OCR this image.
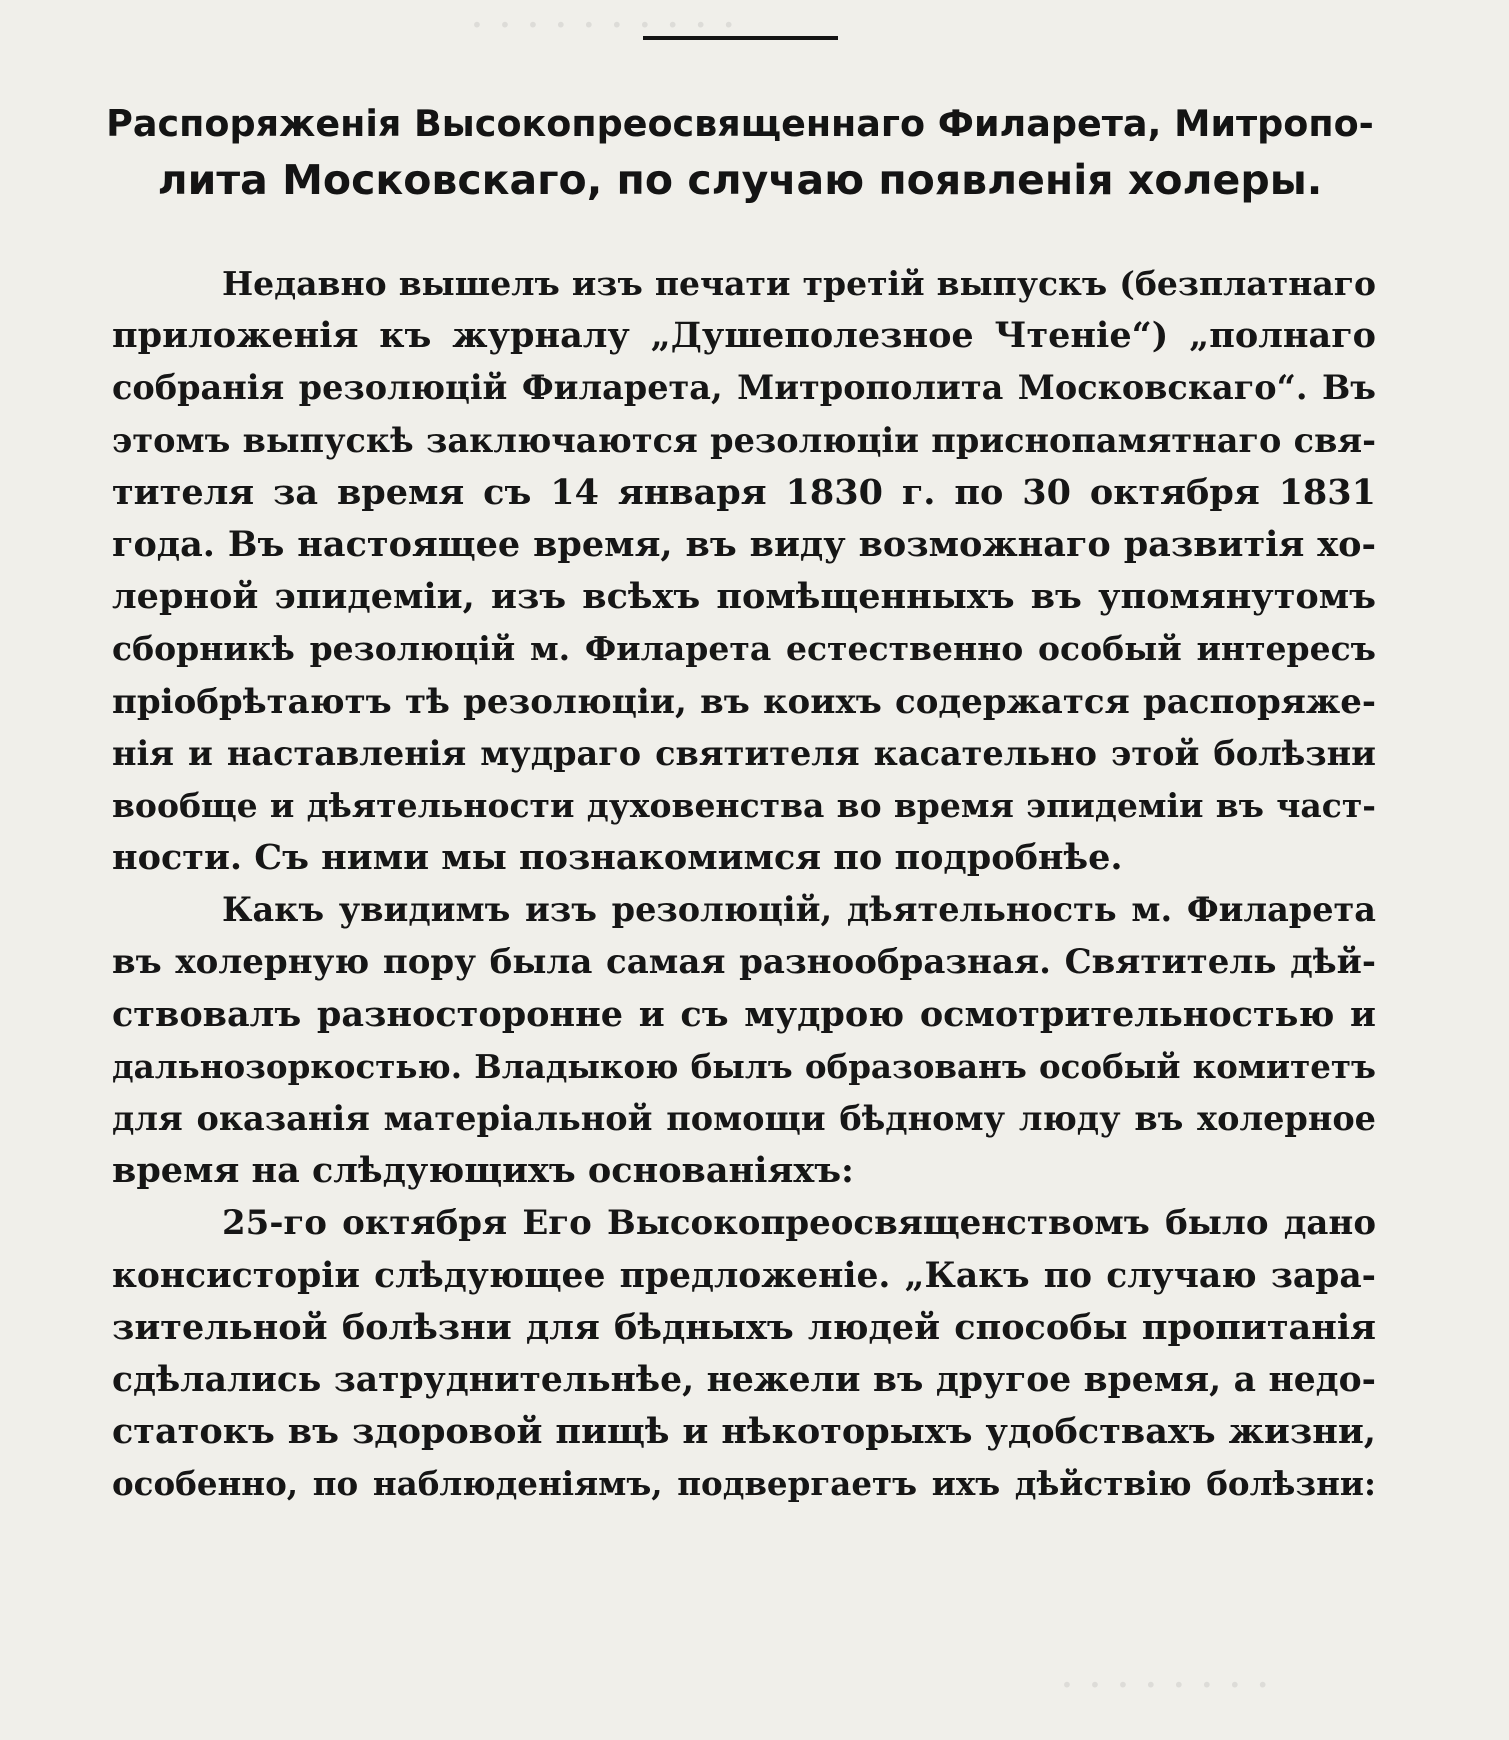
· · · · · · · · · ·
· · · · · · · ·
Распоряженія Высокопреосвященнаго Филарета, Митропо-
лита Московскаго, по случаю появленія холеры.
Недавно вышелъ изъ печати третій выпускъ (безплатнаго
приложенія къ журналу „Душеполезное Чтеніе“) „полнаго
собранія резолюцій Филарета, Митрополита Московскаго“. Въ
этомъ выпускѣ заключаются резолюціи приснопамятнаго свя-
тителя за время съ 14 января 1830 г. по 30 октября 1831
года. Въ настоящее время, въ виду возможнаго развитія хо-
лерной эпидеміи, изъ всѣхъ помѣщенныхъ въ упомянутомъ
сборникѣ резолюцій м. Филарета естественно особый интересъ
пріобрѣтаютъ тѣ резолюціи, въ коихъ содержатся распоряже-
нія и наставленія мудраго святителя касательно этой болѣзни
вообще и дѣятельности духовенства во время эпидеміи въ част-
ности. Съ ними мы познакомимся по подробнѣе.
Какъ увидимъ изъ резолюцій, дѣятельность м. Филарета
въ холерную пору была самая разнообразная. Святитель дѣй-
ствовалъ разносторонне и съ мудрою осмотрительностью и
дальнозоркостью. Владыкою былъ образованъ особый комитетъ
для оказанія матеріальной помощи бѣдному люду въ холерное
время на слѣдующихъ основаніяхъ:
25-го октября Его Высокопреосвященствомъ было дано
консисторіи слѣдующее предложеніе. „Какъ по случаю зара-
зительной болѣзни для бѣдныхъ людей способы пропитанія
сдѣлались затруднительнѣе, нежели въ другое время, а недо-
статокъ въ здоровой пищѣ и нѣкоторыхъ удобствахъ жизни,
особенно, по наблюденіямъ, подвергаетъ ихъ дѣйствію болѣзни:
